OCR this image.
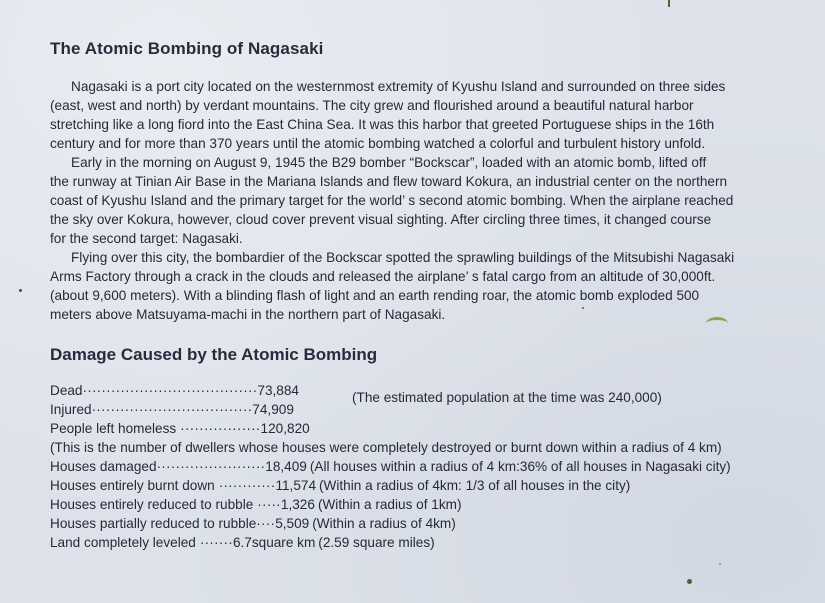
The Atomic Bombing of Nagasaki
Nagasaki is a port city located on the westernmost extremity of Kyushu Island and surrounded on three sides
(east, west and north) by verdant mountains. The city grew and flourished around a beautiful natural harbor
stretching like a long fiord into the East China Sea. It was this harbor that greeted Portuguese ships in the 16th
century and for more than 370 years until the atomic bombing watched a colorful and turbulent history unfold.
Early in the morning on August 9, 1945 the B29 bomber “Bockscar”, loaded with an atomic bomb, lifted off
the runway at Tinian Air Base in the Mariana Islands and flew toward Kokura, an industrial center on the northern
coast of Kyushu Island and the primary target for the world’ s second atomic bombing. When the airplane reached
the sky over Kokura, however, cloud cover prevent visual sighting. After circling three times, it changed course
for the second target: Nagasaki.
Flying over this city, the bombardier of the Bockscar spotted the sprawling buildings of the Mitsubishi Nagasaki
Arms Factory through a crack in the clouds and released the airplane’ s fatal cargo from an altitude of 30,000ft.
(about 9,600 meters). With a blinding flash of light and an earth rending roar, the atomic bomb exploded 500
meters above Matsuyama-machi in the northern part of Nagasaki.
Damage Caused by the Atomic Bombing
Dead·····································73,884
Injured··································74,909
People left homeless ·················120,820
(This is the number of dwellers whose houses were completely destroyed or burnt down within a radius of 4 km)
Houses damaged·······················18,409 (All houses within a radius of 4 km:36% of all houses in Nagasaki city)
Houses entirely burnt down ············11,574 (Within a radius of 4km: 1/3 of all houses in the city)
Houses entirely reduced to rubble ·····1,326 (Within a radius of 1km)
Houses partially reduced to rubble····5,509 (Within a radius of 4km)
Land completely leveled ·······6.7square km (2.59 square miles)
(The estimated population at the time was 240,000)
